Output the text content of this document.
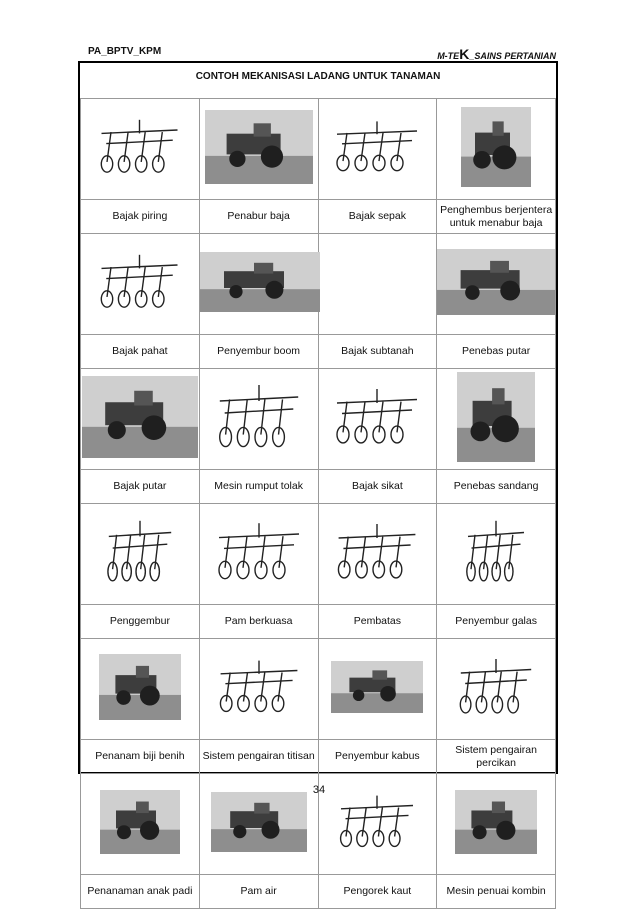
PA_BPTV_KPM	M-TEK_SAINS PERTANIAN
CONTOH MEKANISASI LADANG UNTUK TANAMAN

Bajak piring	Penabur baja	Bajak sepak	Penghembus berjentera untuk menabur baja

Bajak pahat	Penyembur boom	Bajak subtanah	Penebas putar

Bajak putar	Mesin rumput tolak	Bajak sikat	Penebas sandang

Penggembur	Pam berkuasa	Pembatas	Penyembur galas

Penanam biji benih	Sistem pengairan titisan	Penyembur kabus	Sistem pengairan percikan

Penanaman anak padi	Pam air	Pengorek kaut	Mesin penuai kombin
34
